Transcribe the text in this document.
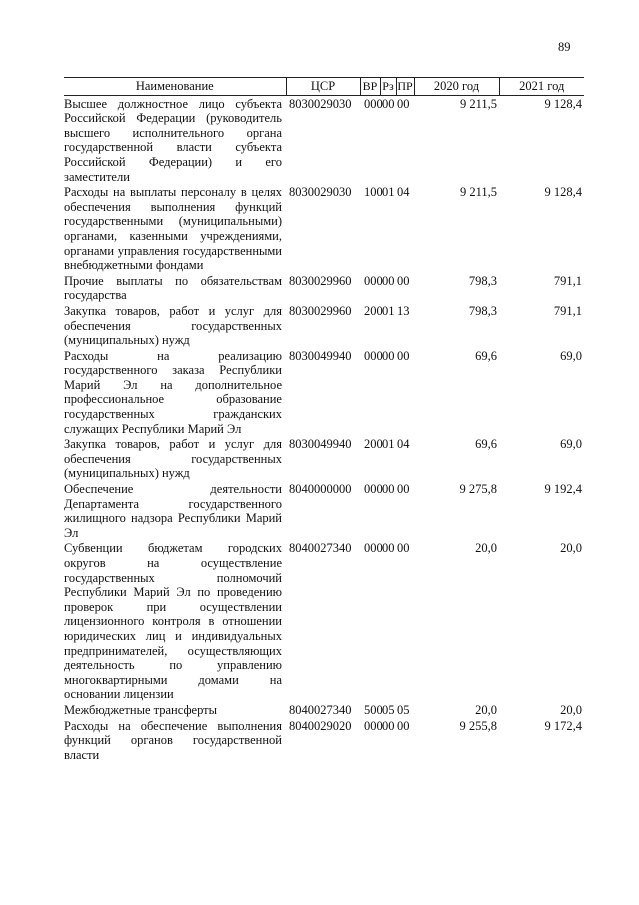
89
Наименование	ЦСР	ВР	Рз	ПР	2020 год	2021 год
Высшее должностное лицо субъекта Российской Федерации (руководитель высшего исполнительного органа государственной власти субъекта Российской Федерации) и его заместители	8030029030	000	00	00	9 211,5	9 128,4
Расходы на выплаты персоналу в целях обеспечения выполнения функций государственными (муниципальными) органами, казенными учреждениями, органами управления государственными внебюджетными фондами	8030029030	100	01	04	9 211,5	9 128,4
Прочие выплаты по обязательствам государства	8030029960	000	00	00	798,3	791,1
Закупка товаров, работ и услуг для обеспечения государственных (муниципальных) нужд	8030029960	200	01	13	798,3	791,1
Расходы на реализацию государственного заказа Республики Марий Эл на дополнительное профессиональное образование государственных гражданских служащих Республики Марий Эл	8030049940	000	00	00	69,6	69,0
Закупка товаров, работ и услуг для обеспечения государственных (муниципальных) нужд	8030049940	200	01	04	69,6	69,0
Обеспечение деятельности Департамента государственного жилищного надзора Республики Марий Эл	8040000000	000	00	00	9 275,8	9 192,4
Субвенции бюджетам городских округов на осуществление государственных полномочий Республики Марий Эл по проведению проверок при осуществлении лицензионного контроля в отношении юридических лиц и индивидуальных предпринимателей, осуществляющих деятельность по управлению многоквартирными домами на основании лицензии	8040027340	000	00	00	20,0	20,0
Межбюджетные трансферты	8040027340	500	05	05	20,0	20,0
Расходы на обеспечение выполнения функций органов государственной власти	8040029020	000	00	00	9 255,8	9 172,4
